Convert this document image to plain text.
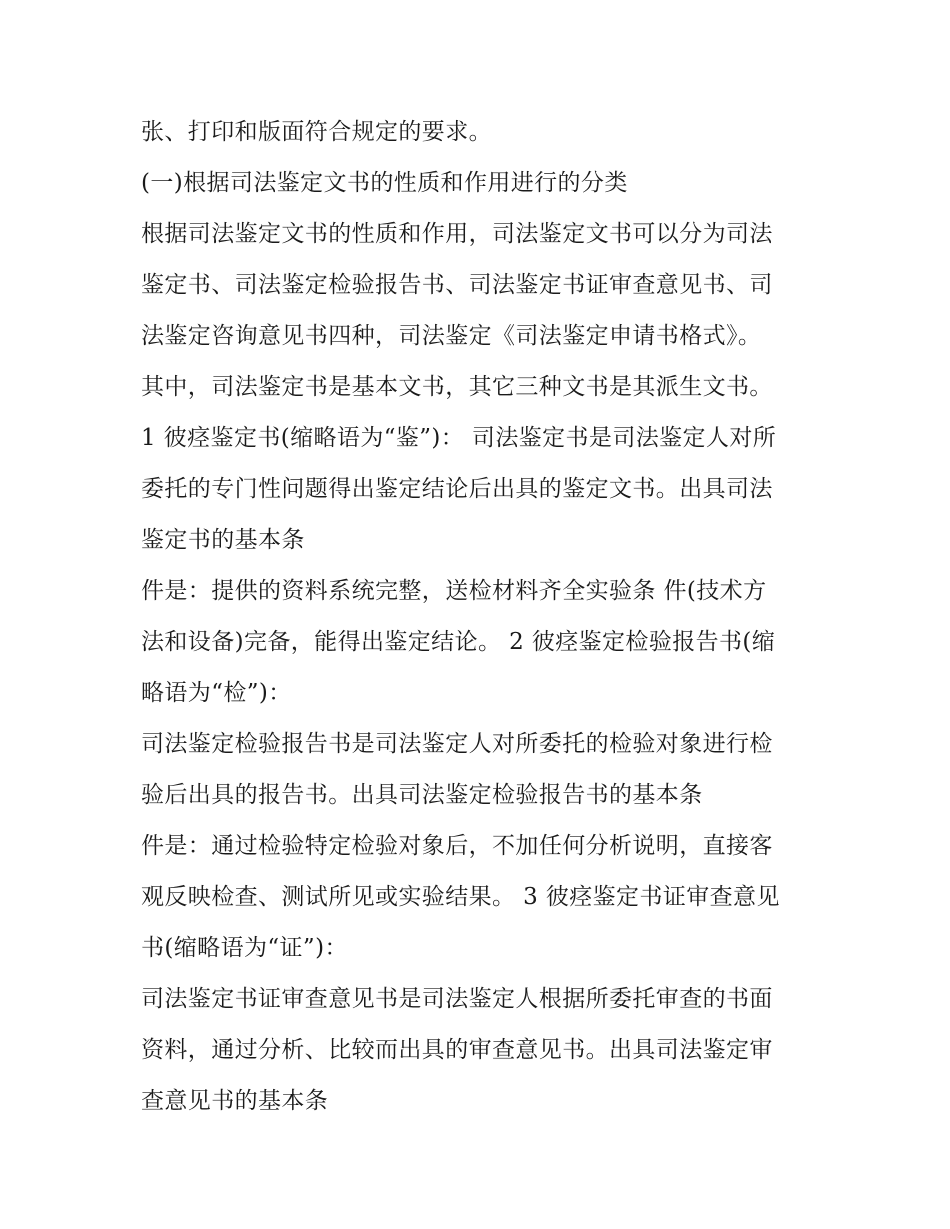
张、打印和版面符合规定的要求。
(一)根据司法鉴定文书的性质和作用进行的分类
根据司法鉴定文书的性质和作用，司法鉴定文书可以分为司法
鉴定书、司法鉴定检验报告书、司法鉴定书证审查意见书、司
法鉴定咨询意见书四种，司法鉴定《司法鉴定申请书格式》。
其中，司法鉴定书是基本文书，其它三种文书是其派生文书。
1 彼痉鉴定书(缩略语为“鉴”)： 司法鉴定书是司法鉴定人对所
委托的专门性问题得出鉴定结论后出具的鉴定文书。出具司法
鉴定书的基本条
件是：提供的资料系统完整，送检材料齐全实验条 件(技术方
法和设备)完备，能得出鉴定结论。 2 彼痉鉴定检验报告书(缩
略语为“检”)：
司法鉴定检验报告书是司法鉴定人对所委托的检验对象进行检
验后出具的报告书。出具司法鉴定检验报告书的基本条
件是：通过检验特定检验对象后，不加任何分析说明，直接客
观反映检查、测试所见或实验结果。 3 彼痉鉴定书证审查意见
书(缩略语为“证”)：
司法鉴定书证审查意见书是司法鉴定人根据所委托审查的书面
资料，通过分析、比较而出具的审查意见书。出具司法鉴定审
查意见书的基本条
